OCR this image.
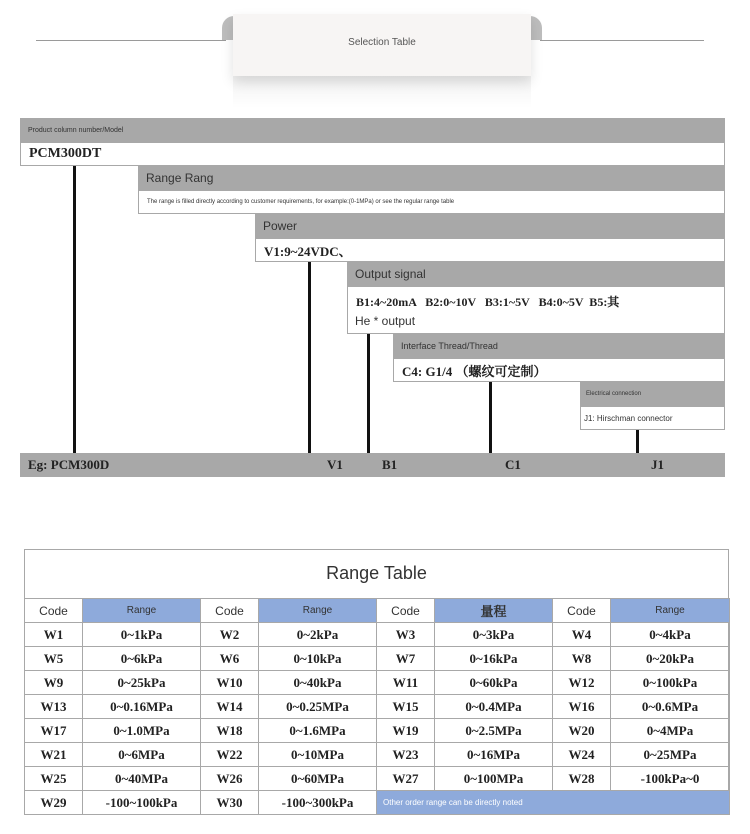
Selection Table
Product column number/Model
PCM300DT
Range Rang
The range is filled directly according to customer requirements, for example:(0-1MPa) or see the regular range table
Power
V1:9~24VDC、
Output signal
B1:4~20mA   B2:0~10V   B3:1~5V   B4:0~5V  B5:其
He * output
Interface Thread/Thread
C4: G1/4 （螺纹可定制）
Electrical connection
J1: Hirschman connector
Eg: PCM300D	V1	B1	C1	J1
Range Table
Code	Range	Code	Range	Code	量程	Code	Range
W1	0~1kPa	W2	0~2kPa	W3	0~3kPa	W4	0~4kPa
W5	0~6kPa	W6	0~10kPa	W7	0~16kPa	W8	0~20kPa
W9	0~25kPa	W10	0~40kPa	W11	0~60kPa	W12	0~100kPa
W13	0~0.16MPa	W14	0~0.25MPa	W15	0~0.4MPa	W16	0~0.6MPa
W17	0~1.0MPa	W18	0~1.6MPa	W19	0~2.5MPa	W20	0~4MPa
W21	0~6MPa	W22	0~10MPa	W23	0~16MPa	W24	0~25MPa
W25	0~40MPa	W26	0~60MPa	W27	0~100MPa	W28	-100kPa~0
W29	-100~100kPa	W30	-100~300kPa	Other order range can be directly noted			
